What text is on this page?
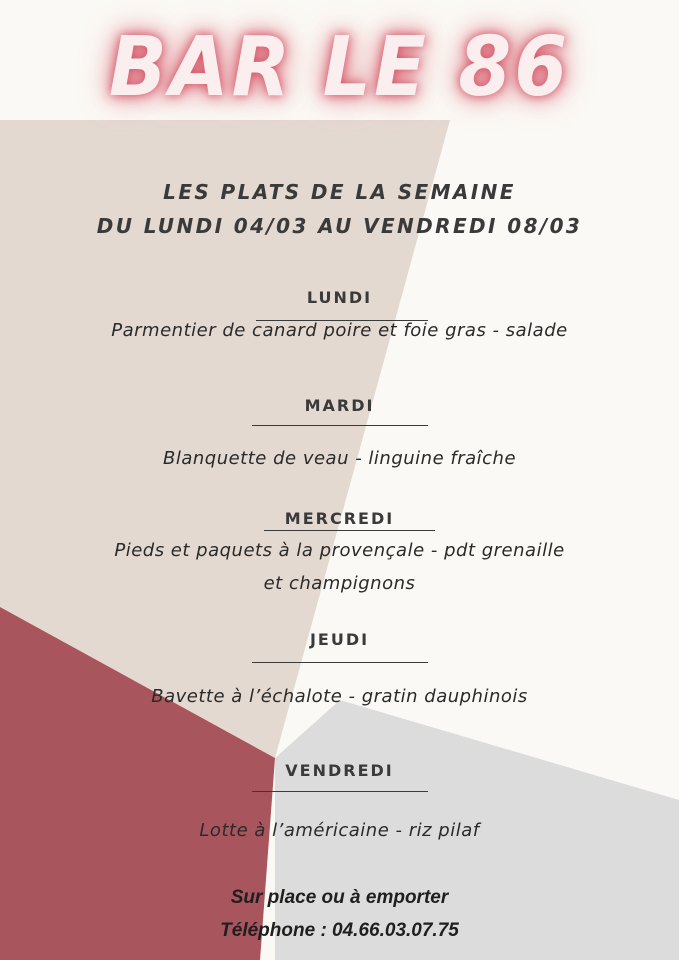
BAR LE 86
LES PLATS DE LA SEMAINE
DU LUNDI 04/03 AU VENDREDI 08/03
LUNDI
Parmentier de canard poire et foie gras - salade
MARDI
Blanquette de veau - linguine fraîche
MERCREDI
Pieds et paquets à la provençale - pdt grenaille
et champignons
JEUDI
Bavette à l’échalote - gratin dauphinois
VENDREDI
Lotte à l’américaine - riz pilaf
Sur place ou à emporter
Téléphone : 04.66.03.07.75
